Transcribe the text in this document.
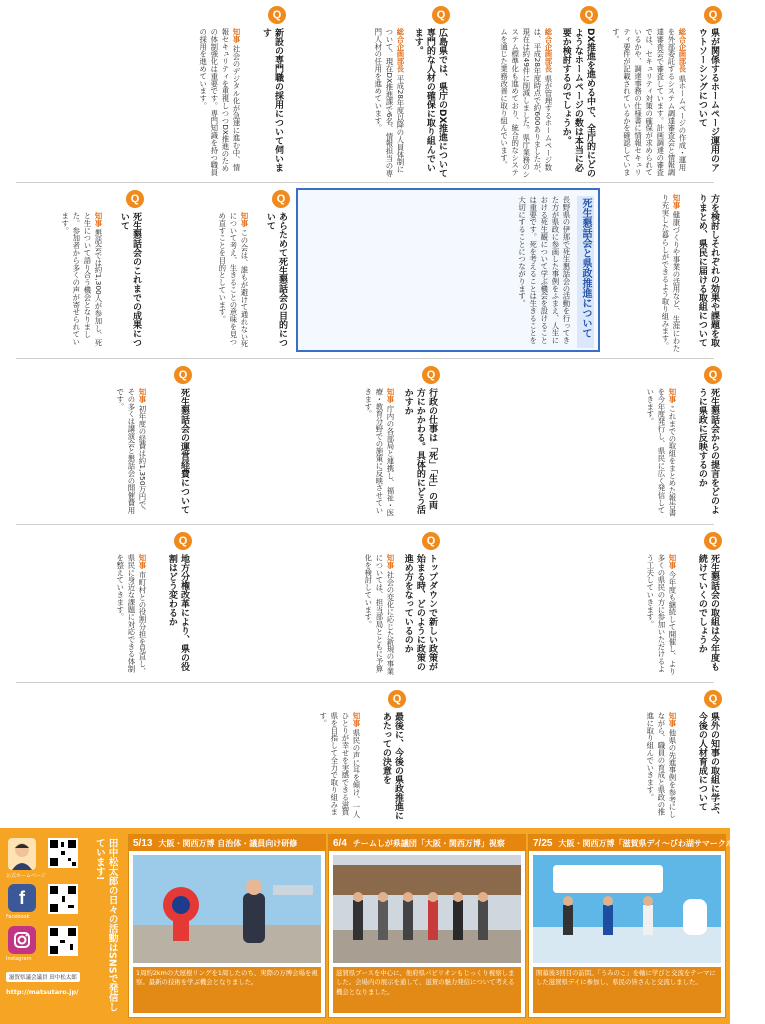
Q
県が関係するホームページ運用のアウトソーシングについて
総合企画部長 県ホームページの作成・運用を外部委託するシステム調達審査会と情報調達審査会で審査しています。計画調達の審査では、セキュリティ対策の確保が求められているかや、調達事務の仕様書に情報セキュリティ要件が記載されているかを確認しています。
Q
DX推進を進める中で、全庁的にどのようなホームページの数は本当に必要か検討するのでしょうか。
総合企画部長 県が管理するホームページ数は、平成28年度時点で約600ありましたが、現在は約49件に削減しました。県庁業務のシステム標準化も進めており、統合的なシステムを通じた業務改善に取り組んでいます。
Q
広島県では、県庁のDX推進について専門的な人材の確保に取り組んでいます。
総合企画部長 平成28年度以降の人員体制について、現在DX推進課で6名、情報担当の専門人材の任用を進めています。
Q
新設の専門職の採用について伺います
知事 社会のデジタル化が急速に進む中、情報セキュリティを重視しつつDX推進のための体制強化は重要です。専門知識を持つ職員の採用を進めています。
方を検討しそれぞれの効果や課題を取りまとめ、県民に届ける取組について
知事 健康づくりや事業の活用など、生涯にわたり充実した暮らしができるよう取り組みます。
死生懇話会と県政推進について
長野県の伊那で死生懇話会の活動を行ってきた方が県政に参画した事例をふまえ、人生における死生観について学ぶ機会を設けることは重要です。死を考えることは生きることを大切にすることにつながります。
Q
あらためて死生懇話会の目的について
知事 この会は、誰もが避けて通れない死について考え、生きることの意味を見つめ直すことを目的としています。
Q
死生懇話会のこれまでの成果について
知事 懇話会では約1,300人が参加し、死と生について語り合う機会となりました。参加者から多くの声が寄せられています。
Q
死生懇話会からの提言をどのように県政に反映するのか
知事 これまでの取組をまとめた報告書を今年度発行し、県民に広く発信していきます。
Q
行政の仕事は「死」「生」の両方にかかわる。具体的にどう活かすか
知事 庁内の各部局と連携し、福祉・医療・教育分野での施策に反映させていきます。
Q
死生懇話会の運営経費について
知事 初年度の経費は約1,350万円で、その多くは講演会と懇話会の開催費用です。
Q
死生懇話会の取組は今年度も続けていくのでしょうか
知事 今年度も継続して開催し、より多くの県民の方に参加いただけるよう工夫していきます。
Q
トップダウンで新しい政策が始まる時、どのように政策の進め方をなっているのか
知事 社会の変化に応じた新規の事業については、担当部局とともに予算化を検討しています。
Q
地方分権改革により、県の役割はどう変わるか
知事 市町村との役割分担を見直し、県民に身近な課題に対応できる体制を整えていきます。
Q
県外の知事の取組に学ぶ、今後の人材育成について
知事 他県の先進事例を参考にしながら、職員の育成と県政の推進に取り組んでいきます。
Q
最後に、今後の県政推進にあたっての決意を
知事 県民の声に耳を傾け、一人ひとりが幸せを実感できる滋賀県を目指して全力で取り組みます。
田中松太郎の日々の活動はSNSで発信しています!
公式ホームページ
f
Facebook
Instagram
滋賀県議会議員 田中松太郎
http://matsutaro.jp/
5/13 大阪・関西万博 自治体・議員向け研修
1周約2kmの大屋根リングを1周したのち、実際の万博会場を視察。最新の技術を学ぶ機会となりました。
6/4 チームしが県議団「大阪・関西万博」視察
滋賀県ブースを中心に、他府県パビリオンもじっくり視察しました。会場内の展示を通して、滋賀の魅力発信について考える機会となりました。
7/25 大阪・関西万博「滋賀県デイ〜びわ湖サマークルーズ〜」
開幕後3回目の訪問。「うみのこ」を軸に学びと交流をテーマにした滋賀県デイに参加し、県民の皆さんと交流しました。
